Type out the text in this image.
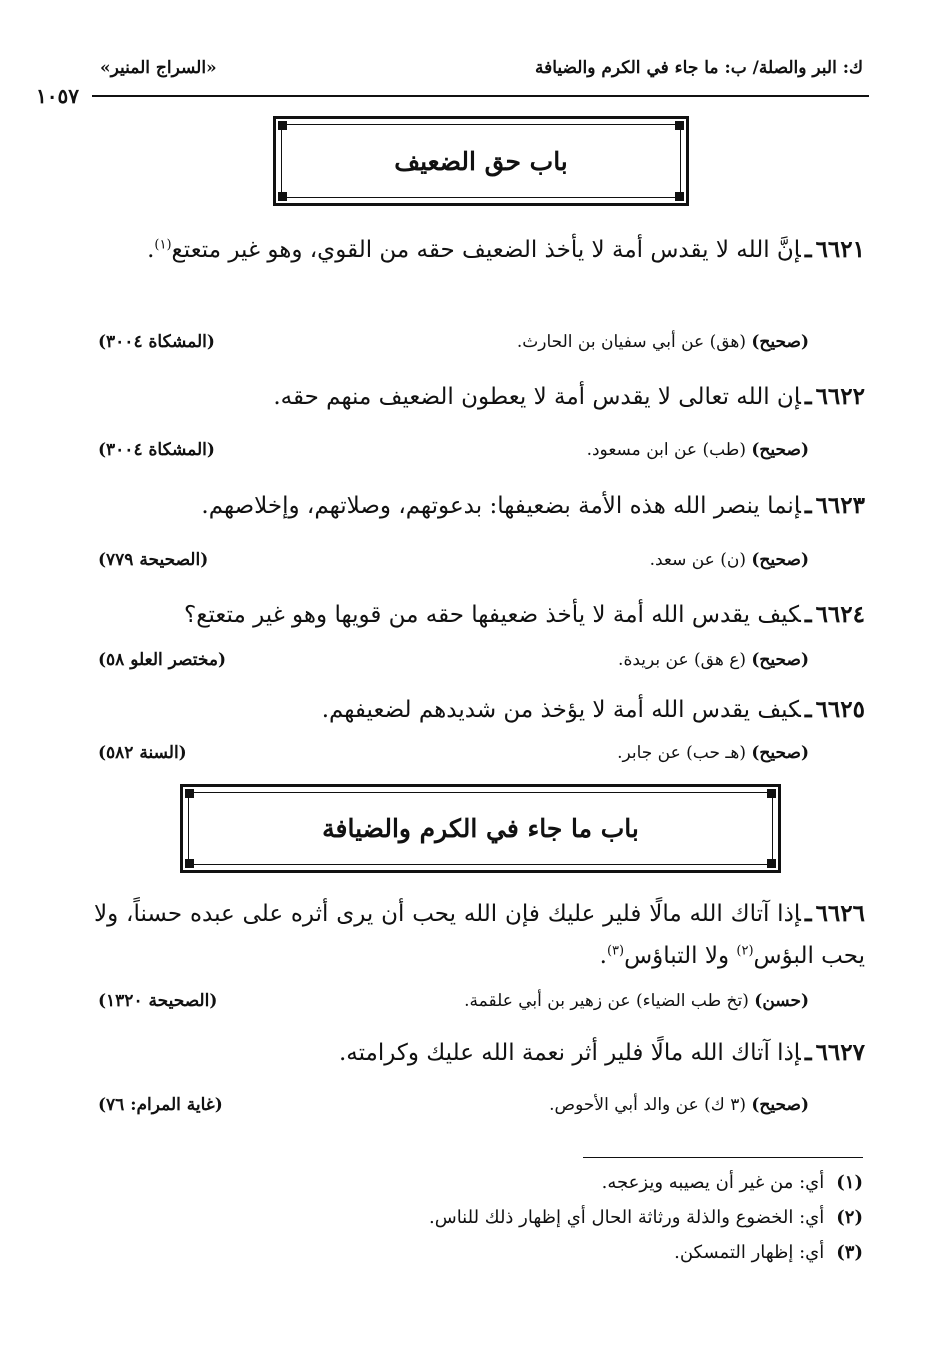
ك: البر والصلة/ ب: ما جاء في الكرم والضيافة
«السراج المنير»
١٠٥٧
باب حق الضعيف
٦٦٢١ـإنَّ الله لا يقدس أمة لا يأخذ الضعيف حقه من القوي، وهو غير متعتع$^{(١)}$.
(صحيح) (هق) عن أبي سفيان بن الحارث.
(المشكاة ٣٠٠٤)
٦٦٢٢ـإن الله تعالى لا يقدس أمة لا يعطون الضعيف منهم حقه.
(صحيح) (طب) عن ابن مسعود.
(المشكاة ٣٠٠٤)
٦٦٢٣ـإنما ينصر الله هذه الأمة بضعيفها: بدعوتهم، وصلاتهم، وإخلاصهم.
(صحيح) (ن) عن سعد.
(الصحيحة ٧٧٩)
٦٦٢٤ـكيف يقدس الله أمة لا يأخذ ضعيفها حقه من قويها وهو غير متعتع؟
(صحيح) (ع هق) عن بريدة.
(مختصر العلو ٥٨)
٦٦٢٥ـكيف يقدس الله أمة لا يؤخذ من شديدهم لضعيفهم.
(صحيح) (هـ حب) عن جابر.
(السنة ٥٨٢)
باب ما جاء في الكرم والضيافة
٦٦٢٦ـإذا آتاك الله مالًا فلير عليك فإن الله يحب أن يرى أثره على عبده حسناً، ولا يحب البؤس$^{(٢)}$ ولا التباؤس$^{(٣)}$.
(حسن) (تخ طب الضياء) عن زهير بن أبي علقمة.
(الصحيحة ١٣٢٠)
٦٦٢٧ـإذا آتاك الله مالًا فلير أثر نعمة الله عليك وكرامته.
(صحيح) (٣ ك) عن والد أبي الأحوص.
(غاية المرام: ٧٦)
(١)أي: من غير أن يصيبه ويزعجه.
(٢)أي: الخضوع والذلة ورثاثة الحال أي إظهار ذلك للناس.
(٣)أي: إظهار التمسكن.
